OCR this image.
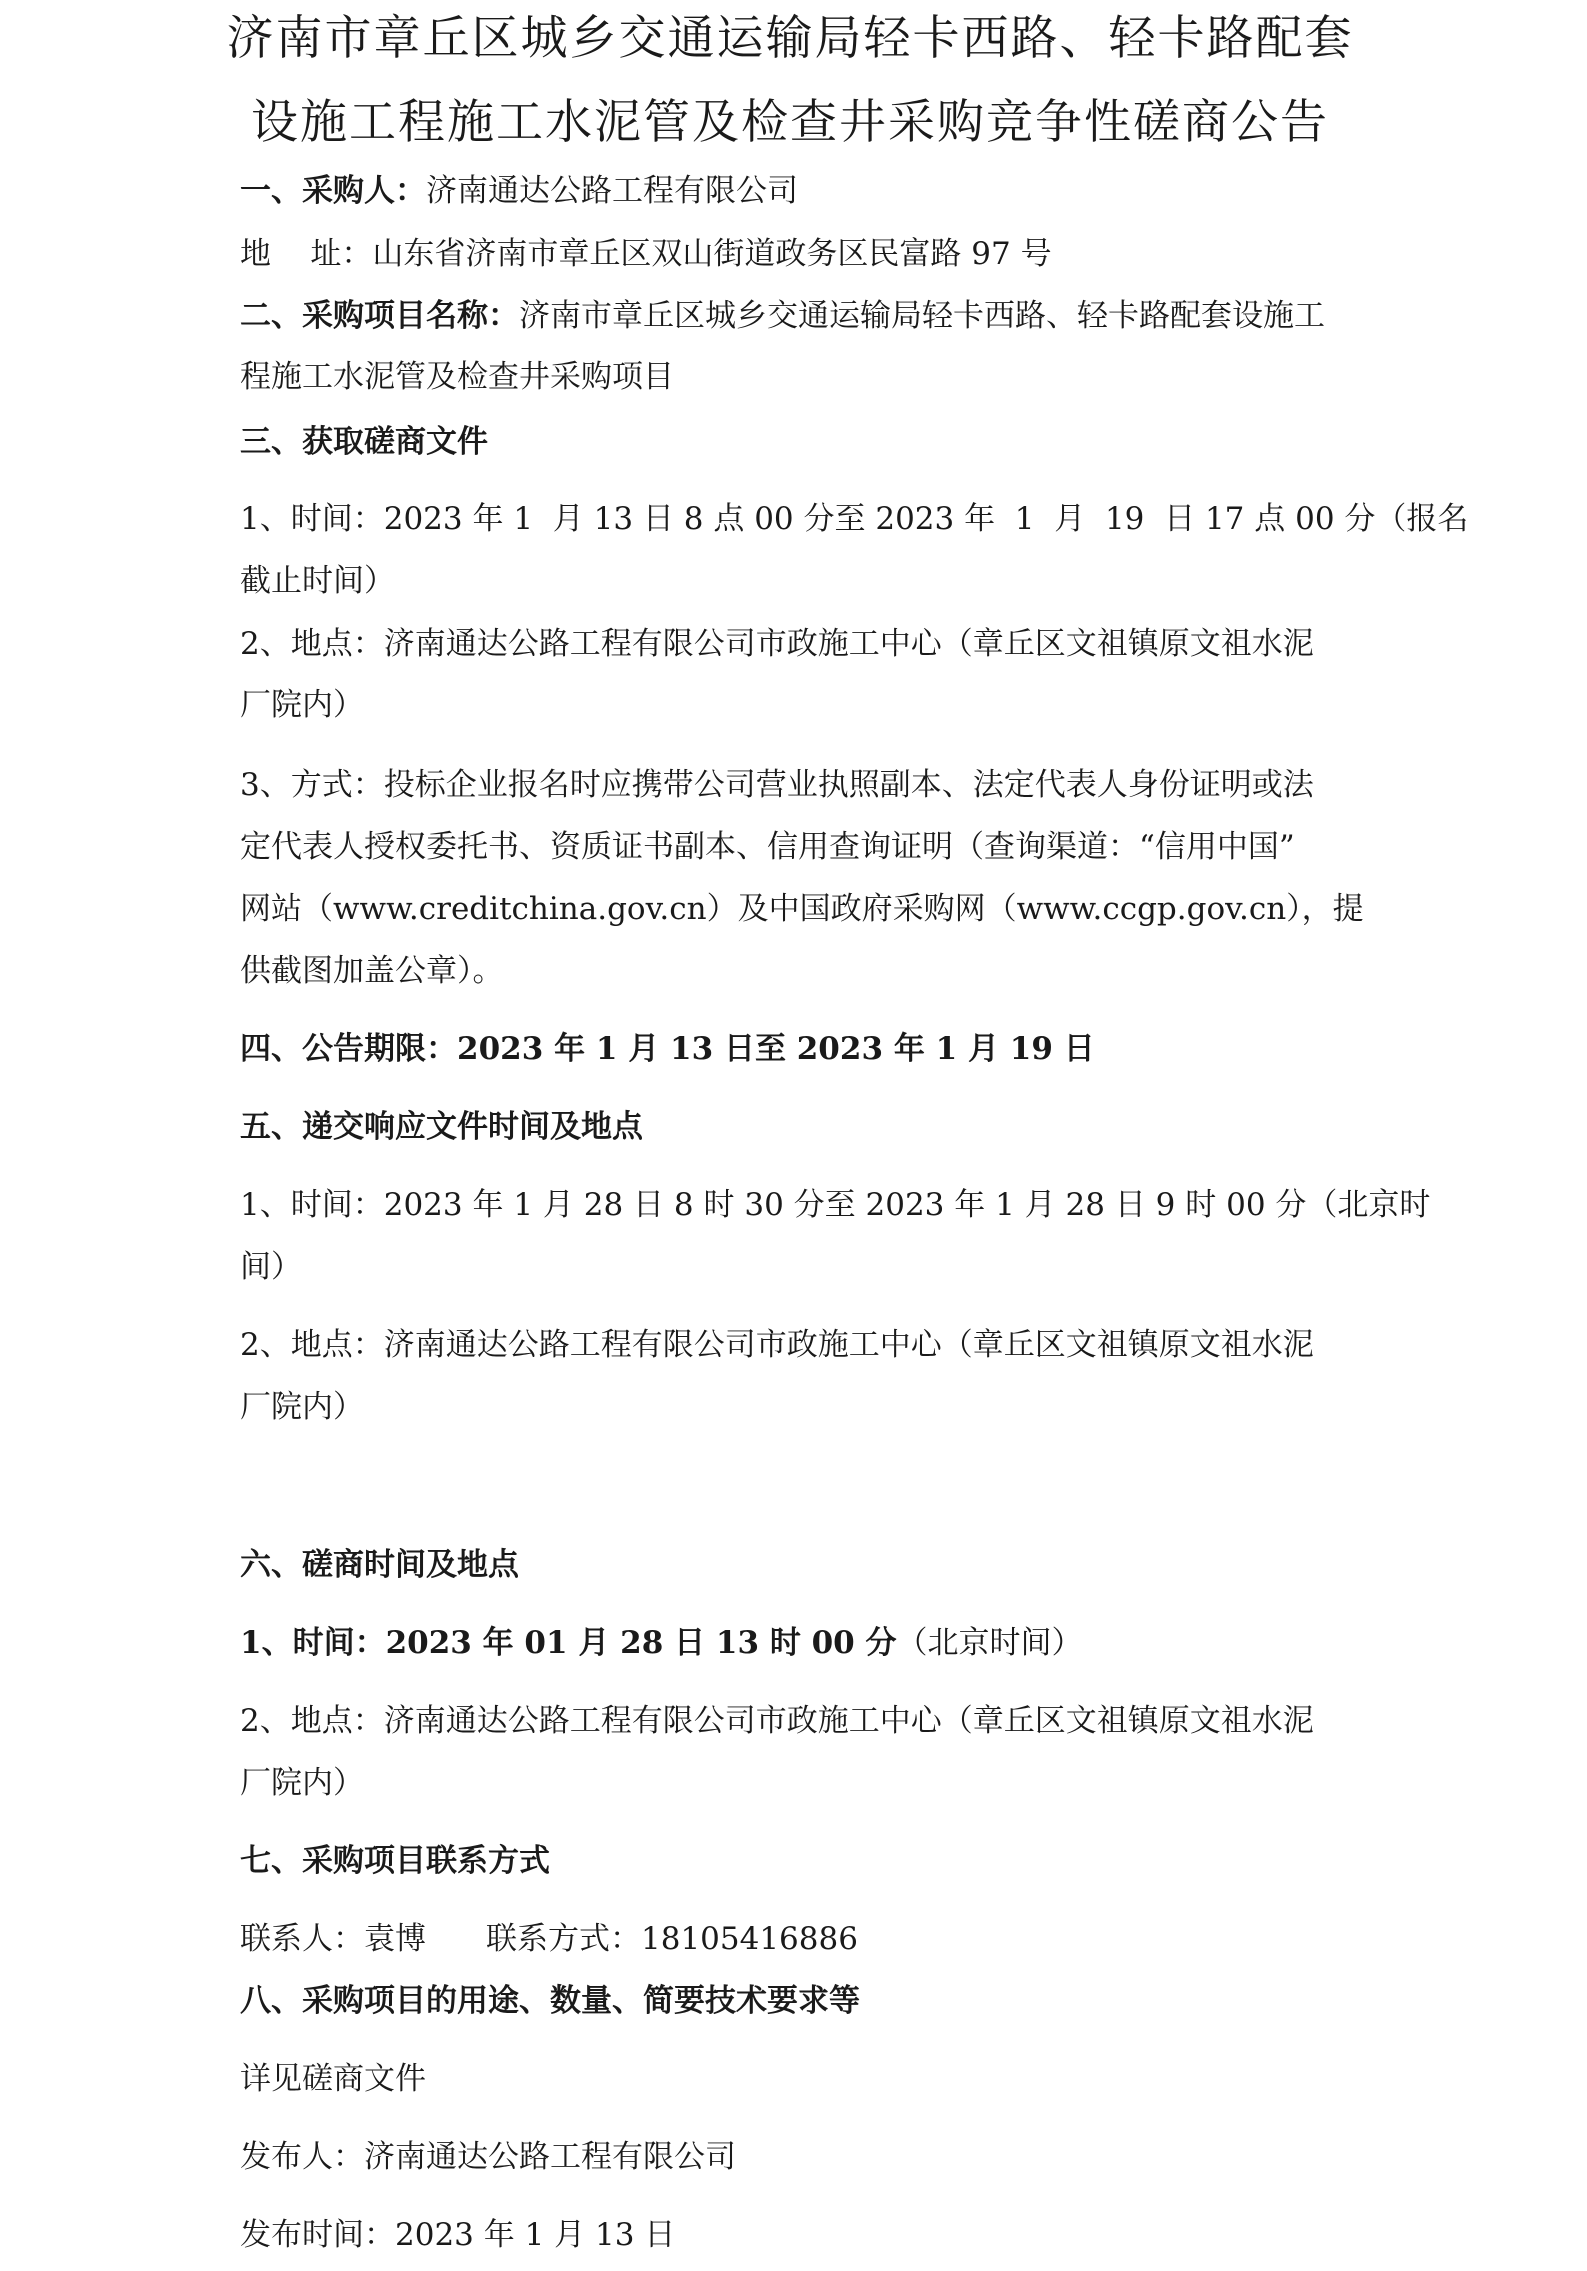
济南市章丘区城乡交通运输局轻卡西路、轻卡路配套
设施工程施工水泥管及检查井采购竞争性磋商公告
一、采购人：济南通达公路工程有限公司
地    址：山东省济南市章丘区双山街道政务区民富路 97 号
二、采购项目名称：济南市章丘区城乡交通运输局轻卡西路、轻卡路配套设施工
程施工水泥管及检查井采购项目
三、获取磋商文件
1、时间：2023 年 1  月 13 日 8 点 00 分至 2023 年  1  月  19  日 17 点 00 分（报名
截止时间）
2、地点：济南通达公路工程有限公司市政施工中心（章丘区文祖镇原文祖水泥
厂院内）
3、方式：投标企业报名时应携带公司营业执照副本、法定代表人身份证明或法
定代表人授权委托书、资质证书副本、信用查询证明（查询渠道：“信用中国”
网站（www.creditchina.gov.cn）及中国政府采购网（www.ccgp.gov.cn），提
供截图加盖公章）。
四、公告期限：2023 年 1 月 13 日至 2023 年 1 月 19 日
五、递交响应文件时间及地点
1、时间：2023 年 1 月 28 日 8 时 30 分至 2023 年 1 月 28 日 9 时 00 分（北京时
间）
2、地点：济南通达公路工程有限公司市政施工中心（章丘区文祖镇原文祖水泥
厂院内）
六、磋商时间及地点
1、时间：2023 年 01 月 28 日 13 时 00 分（北京时间）
2、地点：济南通达公路工程有限公司市政施工中心（章丘区文祖镇原文祖水泥
厂院内）
七、采购项目联系方式
联系人：袁博 联系方式：18105416886
八、采购项目的用途、数量、简要技术要求等
详见磋商文件
发布人：济南通达公路工程有限公司
发布时间：2023 年 1 月 13 日
